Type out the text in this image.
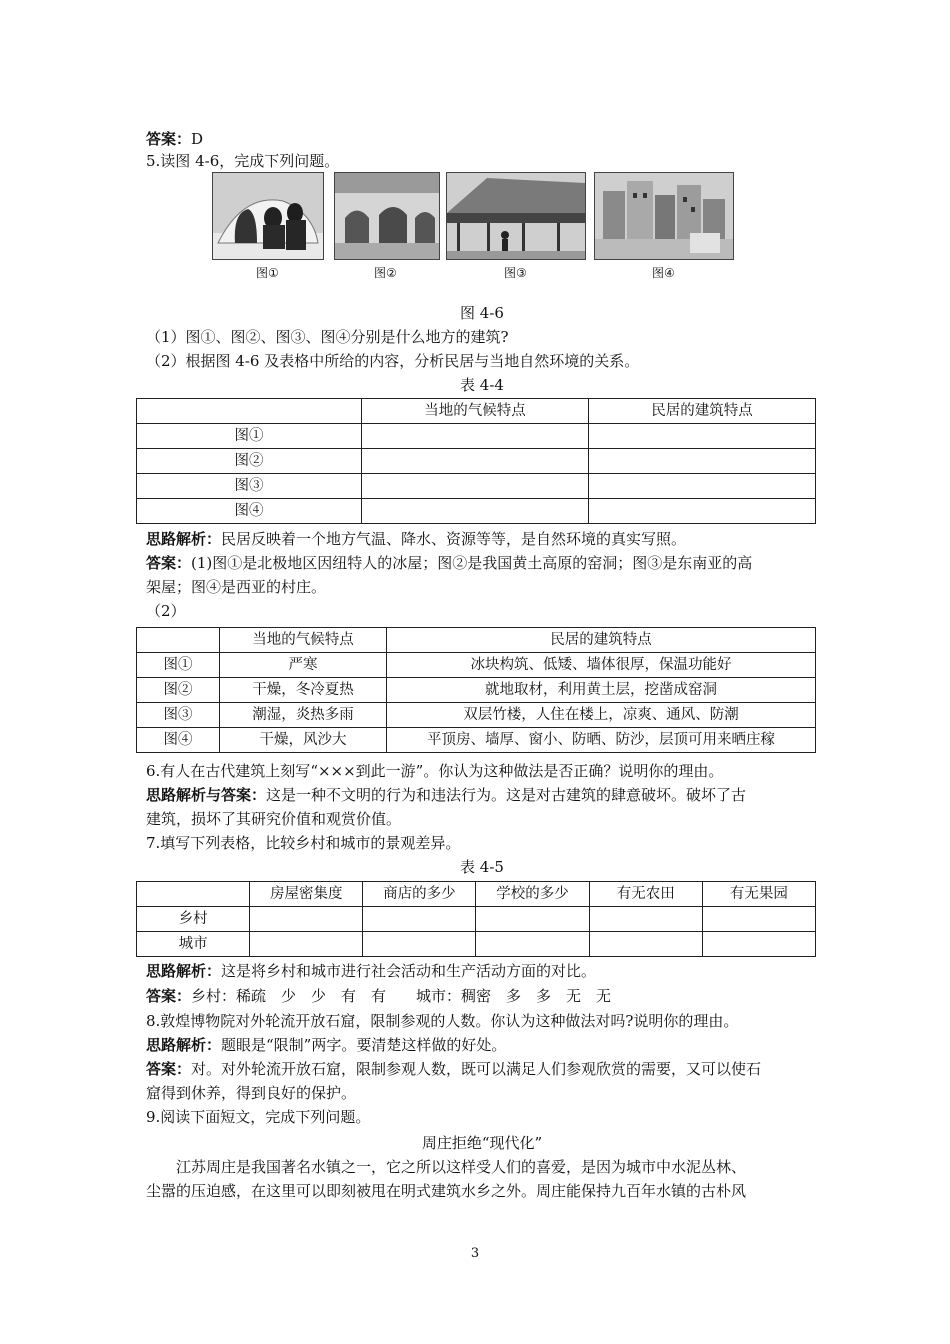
答案：D
5.读图 4-6，完成下列问题。
图①	图②	图③	图④
图 4-6
（1）图①、图②、图③、图④分别是什么地方的建筑?
（2）根据图 4-6 及表格中所给的内容，分析民居与当地自然环境的关系。
表 4-4
	当地的气候特点	民居的建筑特点
图①		
图②		
图③		
图④		
思路解析：民居反映着一个地方气温、降水、资源等等，是自然环境的真实写照。
答案：(1)图①是北极地区因纽特人的冰屋；图②是我国黄土高原的窑洞；图③是东南亚的高
架屋；图④是西亚的村庄。
（2）
	当地的气候特点	民居的建筑特点
图①	严寒	冰块构筑、低矮、墙体很厚，保温功能好
图②	干燥，冬冷夏热	就地取材，利用黄土层，挖凿成窑洞
图③	潮湿，炎热多雨	双层竹楼，人住在楼上，凉爽、通风、防潮
图④	干燥，风沙大	平顶房、墙厚、窗小、防晒、防沙，层顶可用来晒庄稼
6.有人在古代建筑上刻写“×××到此一游”。你认为这种做法是否正确？说明你的理由。
思路解析与答案：这是一种不文明的行为和违法行为。这是对古建筑的肆意破坏。破坏了古
建筑，损坏了其研究价值和观赏价值。
7.填写下列表格，比较乡村和城市的景观差异。
表 4-5
	房屋密集度	商店的多少	学校的多少	有无农田	有无果园
乡村					
城市					
思路解析：这是将乡村和城市进行社会活动和生产活动方面的对比。
答案：乡村：稀疏　少　少　有　有　　城市：稠密　多　多　无　无
8.敦煌博物院对外轮流开放石窟，限制参观的人数。你认为这种做法对吗?说明你的理由。
思路解析：题眼是“限制”两字。要清楚这样做的好处。
答案：对。对外轮流开放石窟，限制参观人数，既可以满足人们参观欣赏的需要，又可以使石
窟得到休养，得到良好的保护。
9.阅读下面短文，完成下列问题。
周庄拒绝“现代化”
江苏周庄是我国著名水镇之一，它之所以这样受人们的喜爱，是因为城市中水泥丛林、
尘嚣的压迫感，在这里可以即刻被甩在明式建筑水乡之外。周庄能保持九百年水镇的古朴风
3
